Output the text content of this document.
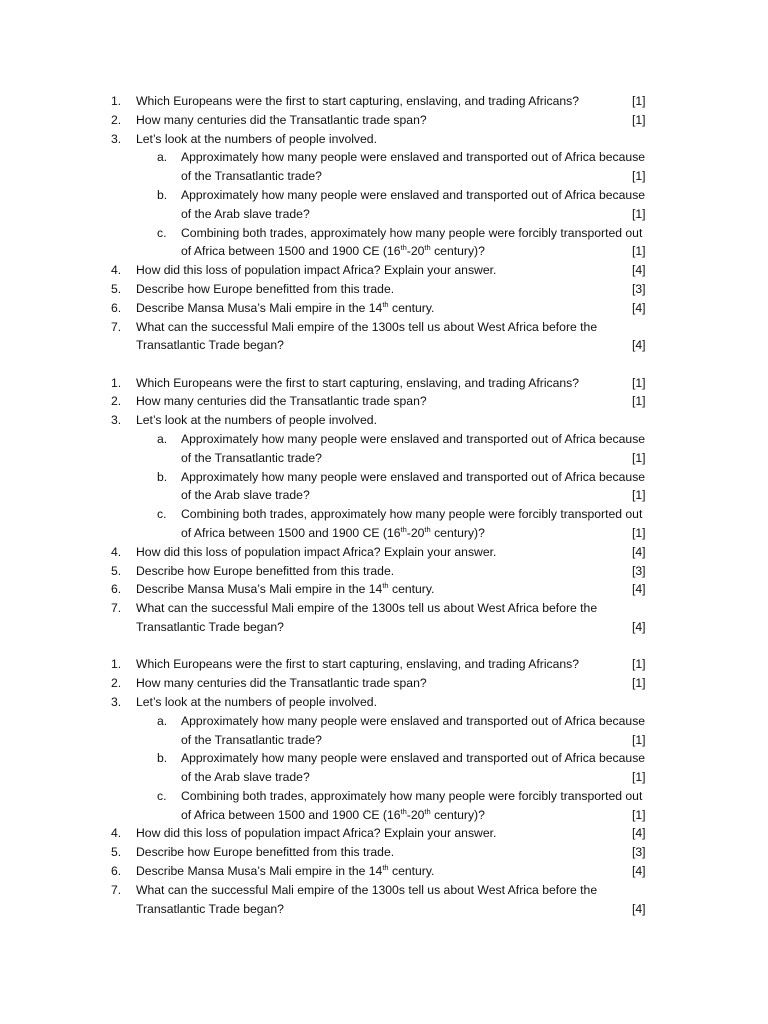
1.	Which Europeans were the first to start capturing, enslaving, and trading Africans?	[1]
2.	How many centuries did the Transatlantic trade span?	[1]
3.	Let’s look at the numbers of people involved.
a.	Approximately how many people were enslaved and transported out of Africa because
of the Transatlantic trade?	[1]
b.	Approximately how many people were enslaved and transported out of Africa because
of the Arab slave trade?	[1]
c.	Combining both trades, approximately how many people were forcibly transported out
of Africa between 1500 and 1900 CE (16th-20th century)?	[1]
4.	How did this loss of population impact Africa? Explain your answer.	[4]
5.	Describe how Europe benefitted from this trade.	[3]
6.	Describe Mansa Musa’s Mali empire in the 14th century.	[4]
7.	What can the successful Mali empire of the 1300s tell us about West Africa before the
Transatlantic Trade began?	[4]
1.	Which Europeans were the first to start capturing, enslaving, and trading Africans?	[1]
2.	How many centuries did the Transatlantic trade span?	[1]
3.	Let’s look at the numbers of people involved.
a.	Approximately how many people were enslaved and transported out of Africa because
of the Transatlantic trade?	[1]
b.	Approximately how many people were enslaved and transported out of Africa because
of the Arab slave trade?	[1]
c.	Combining both trades, approximately how many people were forcibly transported out
of Africa between 1500 and 1900 CE (16th-20th century)?	[1]
4.	How did this loss of population impact Africa? Explain your answer.	[4]
5.	Describe how Europe benefitted from this trade.	[3]
6.	Describe Mansa Musa’s Mali empire in the 14th century.	[4]
7.	What can the successful Mali empire of the 1300s tell us about West Africa before the
Transatlantic Trade began?	[4]
1.	Which Europeans were the first to start capturing, enslaving, and trading Africans?	[1]
2.	How many centuries did the Transatlantic trade span?	[1]
3.	Let’s look at the numbers of people involved.
a.	Approximately how many people were enslaved and transported out of Africa because
of the Transatlantic trade?	[1]
b.	Approximately how many people were enslaved and transported out of Africa because
of the Arab slave trade?	[1]
c.	Combining both trades, approximately how many people were forcibly transported out
of Africa between 1500 and 1900 CE (16th-20th century)?	[1]
4.	How did this loss of population impact Africa? Explain your answer.	[4]
5.	Describe how Europe benefitted from this trade.	[3]
6.	Describe Mansa Musa’s Mali empire in the 14th century.	[4]
7.	What can the successful Mali empire of the 1300s tell us about West Africa before the
Transatlantic Trade began?	[4]
